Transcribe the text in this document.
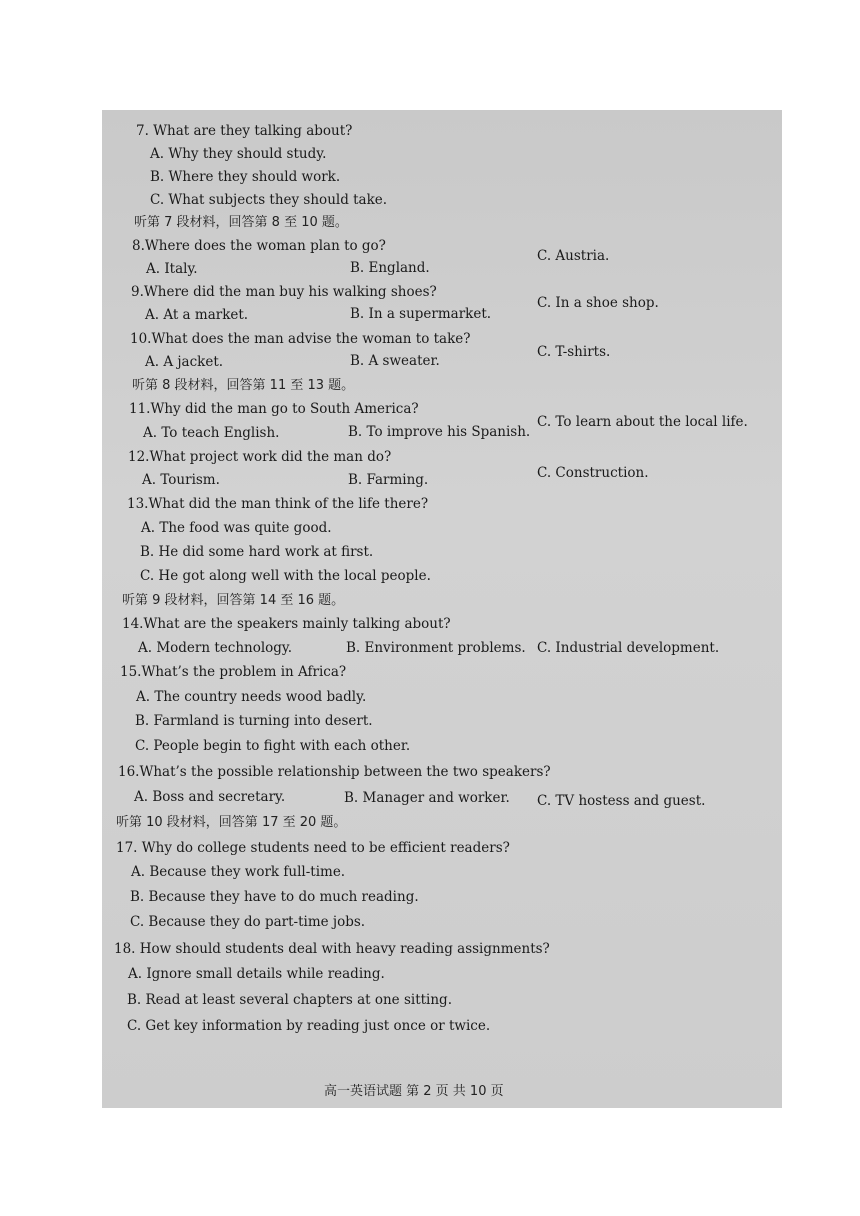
7. What are they talking about?
A. Why they should study.
B. Where they should work.
C. What subjects they should take.
听第 7 段材料，回答第 8 至 10 题。
8.Where does the woman plan to go?
A. Italy.	B. England.
C. Austria.
9.Where did the man buy his walking shoes?
A. At a market.	B. In a supermarket.
C. In a shoe shop.
10.What does the man advise the woman to take?
A. A jacket.	B. A sweater.
C. T-shirts.
听第 8 段材料，回答第 11 至 13 题。
11.Why did the man go to South America?
A. To teach English.	B. To improve his Spanish.
C. To learn about the local life.
12.What project work did the man do?
A. Tourism.	B. Farming.	C. Construction.
13.What did the man think of the life there?
A. The food was quite good.
B. He did some hard work at first.
C. He got along well with the local people.
听第 9 段材料，回答第 14 至 16 题。
14.What are the speakers mainly talking about?
A. Modern technology.	B. Environment problems. C. Industrial development.
15.What’s the problem in Africa?
A. The country needs wood badly.
B. Farmland is turning into desert.
C. People begin to fight with each other.
16.What’s the possible relationship between the two speakers?
A. Boss and secretary.	B. Manager and worker. C. TV hostess and guest.
听第 10 段材料，回答第 17 至 20 题。
17. Why do college students need to be efficient readers?
A. Because they work full-time.
B. Because they have to do much reading.
C. Because they do part-time jobs.
18. How should students deal with heavy reading assignments?
A. Ignore small details while reading.
B. Read at least several chapters at one sitting.
C. Get key information by reading just once or twice.
高一英语试题 第 2 页 共 10 页
